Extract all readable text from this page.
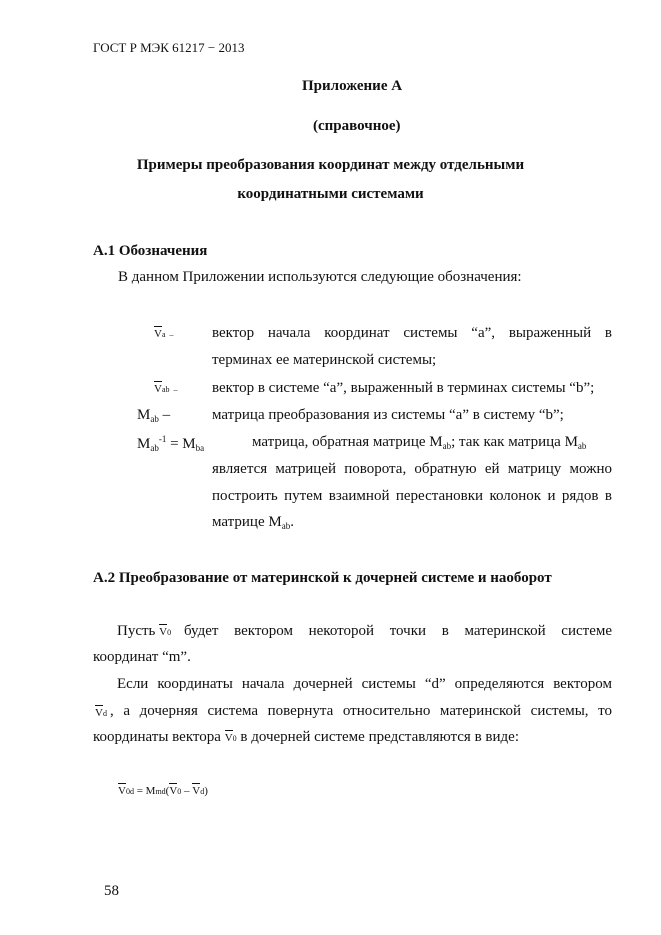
ГОСТ Р МЭК 61217 − 2013
Приложение А
(справочное)
Примеры преобразования координат между отдельными
координатными системами
А.1 Обозначения
В данном Приложении используются следующие обозначения:
Va –	вектор начала координат системы “a”, выраженный в
терминах ее материнской системы;
Vab – вектор в системе “a”, выраженный в терминах системы “b”;
$M_{ab}$ –	матрица преобразования из системы “a” в систему “b”;
$M_{ab}^{-1} = M_{ba}$	матрица, обратная матрице $M_{ab}$; так как матрица $M_{ab}$
является матрицей поворота, обратную ей матрицу можно
построить путем взаимной перестановки колонок и рядов в
матрице $M_{ab}$.
А.2 Преобразование от материнской к дочерней системе и наоборот
Пусть V0 будет вектором некоторой точки в материнской системе
координат “m”.
Если координаты начала дочерней системы “d” определяются вектором
Vd , а дочерняя система повернута относительно материнской системы, то
координаты вектора V0 в дочерней системе представляются в виде:
V0d = Mmd(
V0 –
Vd)
58
